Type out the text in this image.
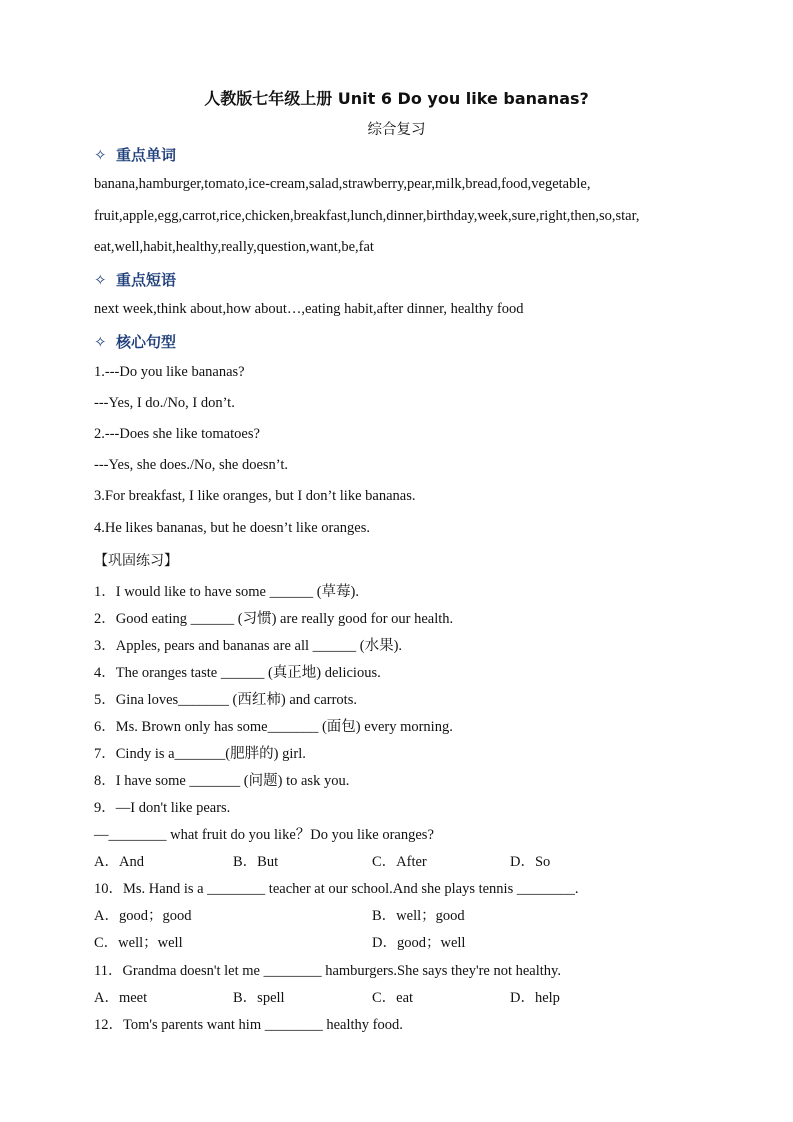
人教版七年级上册 Unit 6 Do you like bananas?
综合复习
✧ 重点单词
banana,hamburger,tomato,ice-cream,salad,strawberry,pear,milk,bread,food,vegetable,
fruit,apple,egg,carrot,rice,chicken,breakfast,lunch,dinner,birthday,week,sure,right,then,so,star,
eat,well,habit,healthy,really,question,want,be,fat
✧ 重点短语
next week,think about,how about…,eating habit,after dinner, healthy food
✧ 核心句型
1.---Do you like bananas?
---Yes, I do./No, I don’t.
2.---Does she like tomatoes?
---Yes, she does./No, she doesn’t.
3.For breakfast, I like oranges, but I don’t like bananas.
4.He likes bananas, but he doesn’t like oranges.
【巩固练习】
1．I would like to have some ______ (草莓).
2．Good eating ______ (习惯) are really good for our health.
3．Apples, pears and bananas are all ______ (水果).
4．The oranges taste ______ (真正地) delicious.
5．Gina loves_______ (西红柿) and carrots.
6．Ms. Brown only has some_______ (面包) every morning.
7．Cindy is a_______(肥胖的) girl.
8．I have some _______ (问题) to ask you.
9．—I don't like pears.
—________ what fruit do you like？Do you like oranges?
A．And	B．But	C．After	D．So
10．Ms. Hand is a ________ teacher at our school.And she plays tennis ________.
A．good；good	B．well；good
C．well；well	D．good；well
11．Grandma doesn't let me ________ hamburgers.She says they're not healthy.
A．meet	B．spell	C．eat	D．help
12．Tom's parents want him ________ healthy food.
